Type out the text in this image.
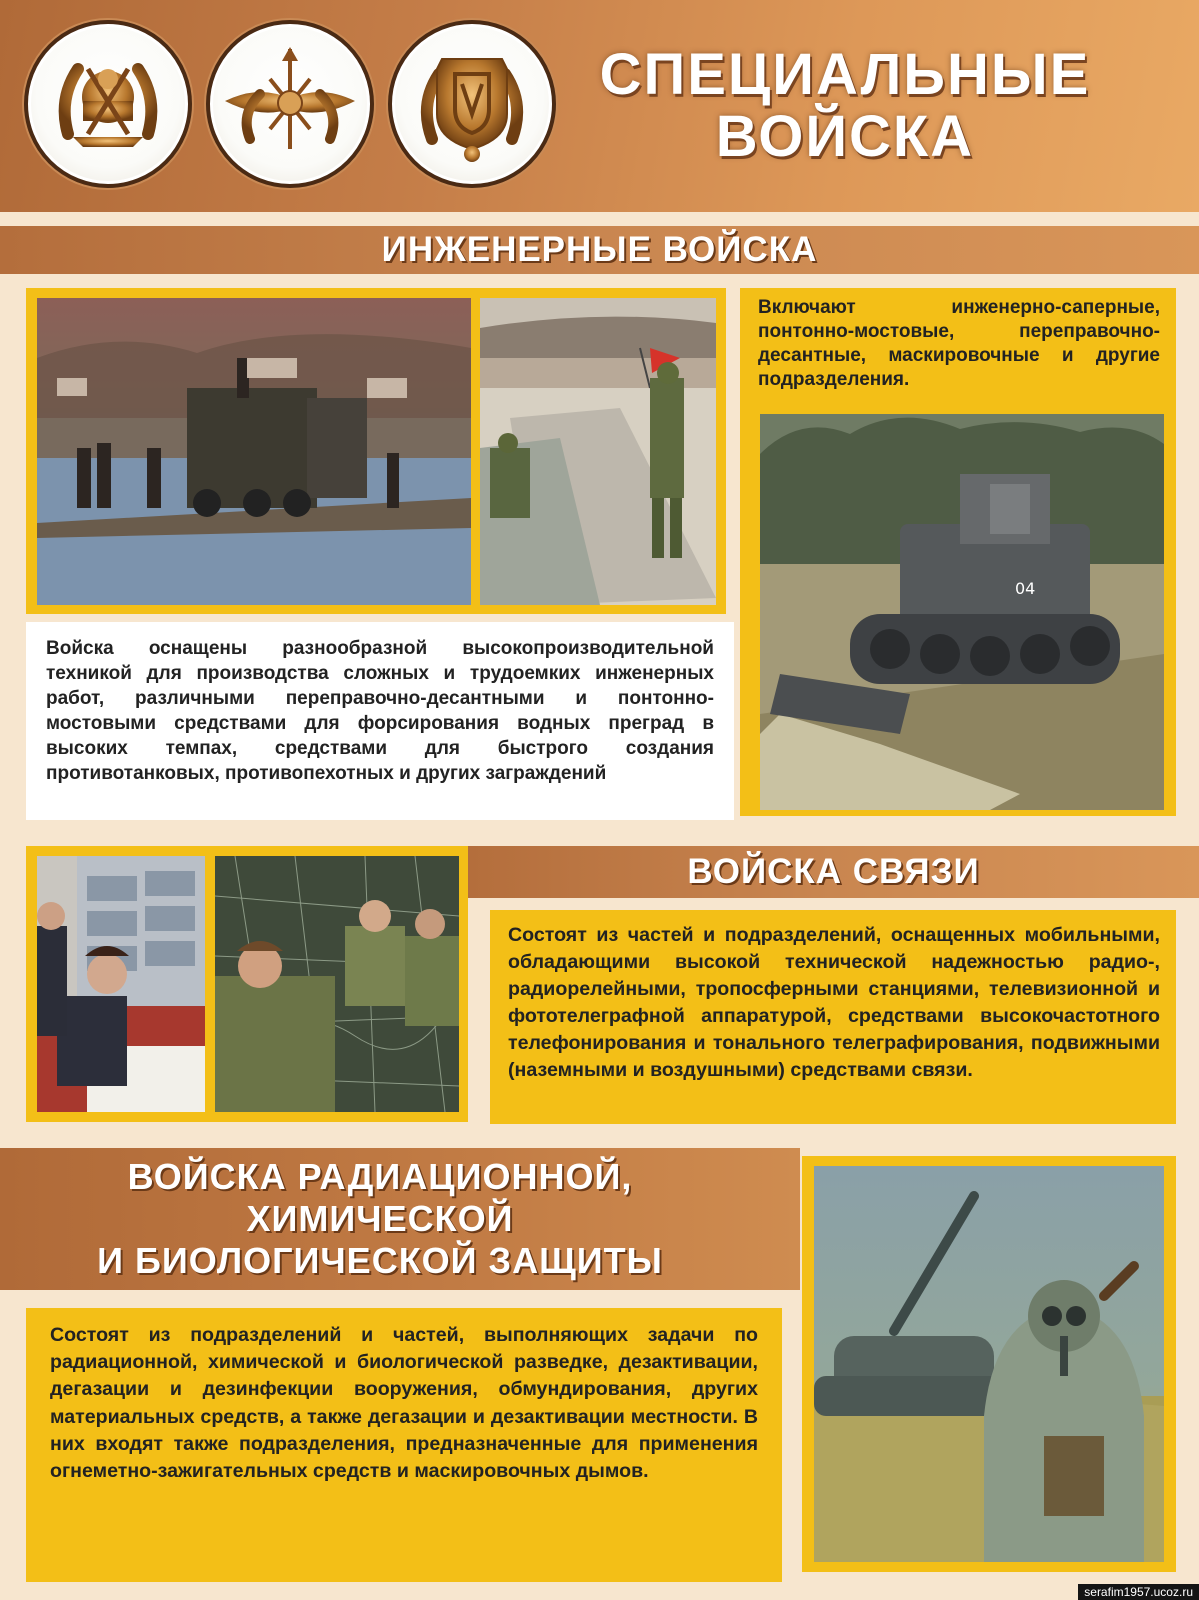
СПЕЦИАЛЬНЫЕ
ВОЙСКА
ИНЖЕНЕРНЫЕ ВОЙСКА
Включают инженерно-саперные, понтонно-мостовые, переправочно-десантные, маскировочные и другие подразделения.
04
Войска оснащены разнообразной высокопроизводительной техникой для производства сложных и трудоемких инженерных работ, различными переправочно-десантными и понтонно-мостовыми средствами для форсирования водных преград в высоких темпах, средствами для быстрого создания противотанковых, противопехотных и других заграждений
ВОЙСКА СВЯЗИ
Состоят из частей и подразделений, оснащенных мобильными, обладающими высокой технической надежностью радио-, радиорелейными, тропосферными станциями, телевизионной и фототелеграфной аппаратурой, средствами высокочастотного телефонирования и тонального телеграфирования, подвижными (наземными и воздушными) средствами связи.
ВОЙСКА РАДИАЦИОННОЙ,
ХИМИЧЕСКОЙ
И БИОЛОГИЧЕСКОЙ ЗАЩИТЫ
Состоят из подразделений и частей, выполняющих задачи по радиационной, химической и биологической разведке, дезактивации, дегазации и дезинфекции вооружения, обмундирования, других материальных средств, а также дегазации и дезактивации местности. В них входят также подразделения, предназначенные для применения огнеметно-зажигательных средств и маскировочных дымов.
serafim1957.ucoz.ru
